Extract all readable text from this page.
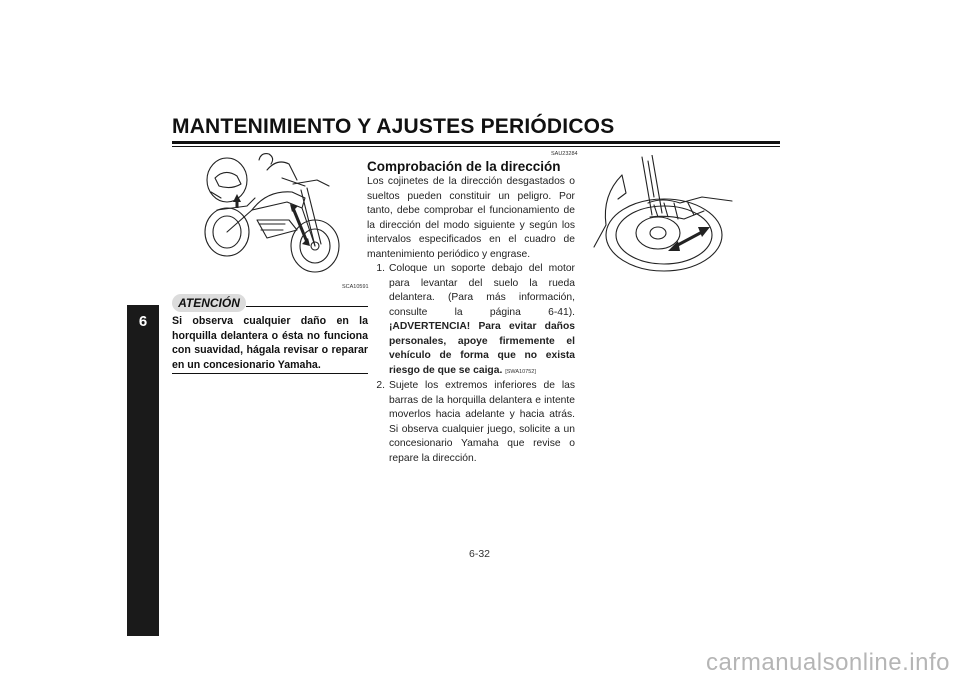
MANTENIMIENTO Y AJUSTES PERIÓDICOS
6
SCA10591
ATENCIÓN
Si observa cualquier daño en la horquilla delantera o ésta no funciona con suavidad, hágala revisar o reparar en un concesionario Yamaha.
SAU23284
Comprobación de la dirección
Los cojinetes de la dirección desgastados o sueltos pueden constituir un peligro. Por tanto, debe comprobar el funcionamiento de la dirección del modo siguiente y según los intervalos especificados en el cuadro de mantenimiento periódico y engrase.
1. Coloque un soporte debajo del motor para levantar del suelo la rueda delantera. (Para más información, consulte la página 6-41). ¡ADVERTENCIA! Para evitar daños personales, apoye firmemente el vehículo de forma que no exista riesgo de que se caiga. [SWA10752]
2. Sujete los extremos inferiores de las barras de la horquilla delantera e intente moverlos hacia adelante y hacia atrás. Si observa cualquier juego, solicite a un concesionario Yamaha que revise o repare la dirección.
6-32
carmanualsonline.info
